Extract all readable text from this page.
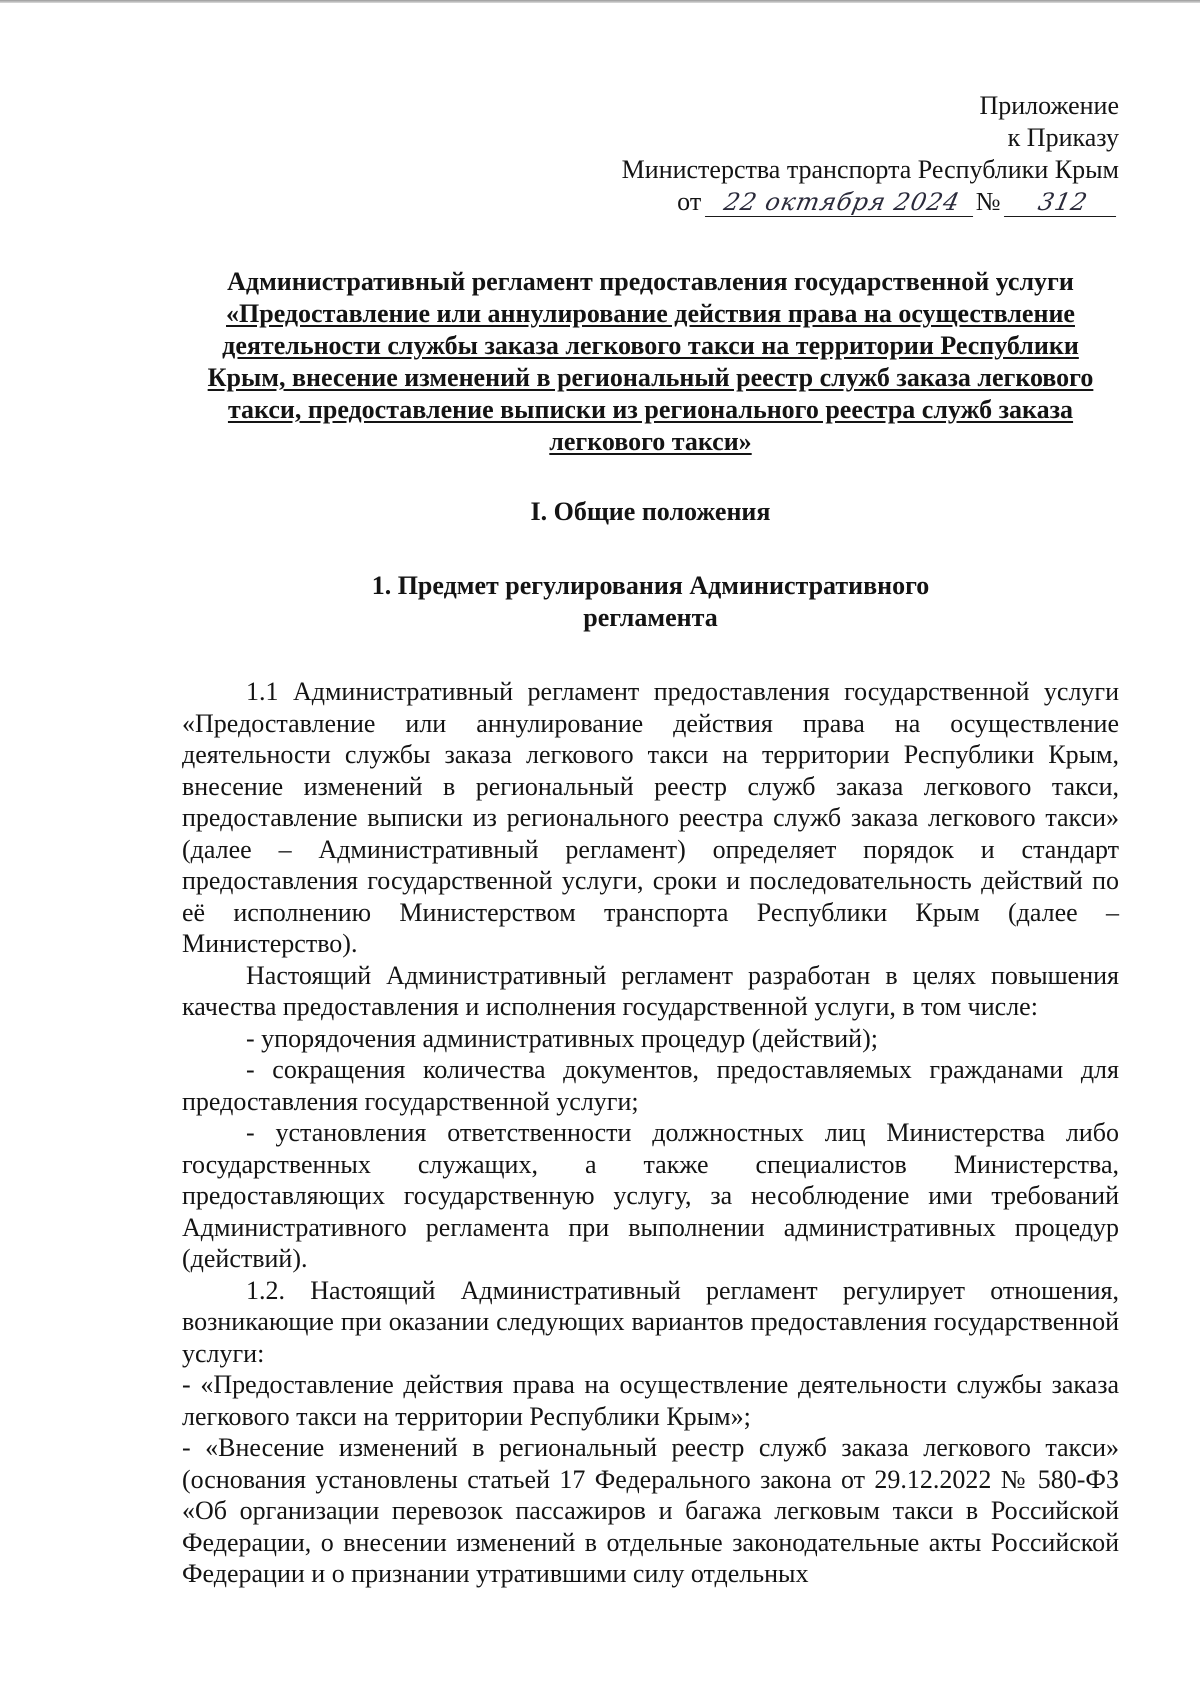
Приложение
к Приказу
Министерства транспорта Республики Крым
от 22 октября 2024 № 312
Административный регламент предоставления государственной услуги
«Предоставление или аннулирование действия права на осуществление деятельности службы заказа легкового такси на территории Республики Крым, внесение изменений в региональный реестр служб заказа легкового такси, предоставление выписки из регионального реестра служб заказа легкового такси»
I. Общие положения
1. Предмет регулирования Административного
регламента

1.1 Административный регламент предоставления государственной услуги «Предоставление или аннулирование действия права на осуществление деятельности службы заказа легкового такси на территории Республики Крым, внесение изменений в региональный реестр служб заказа легкового такси, предоставление выписки из регионального реестра служб заказа легкового такси» (далее – Административный регламент) определяет порядок и стандарт предоставления государственной услуги, сроки и последовательность действий по её исполнению Министерством транспорта Республики Крым (далее – Министерство).

Настоящий Административный регламент разработан в целях повышения качества предоставления и исполнения государственной услуги, в том числе:

- упорядочения административных процедур (действий);

- сокращения количества документов, предоставляемых гражданами для предоставления государственной услуги;

- установления ответственности должностных лиц Министерства либо государственных служащих, а также специалистов Министерства, предоставляющих государственную услугу, за несоблюдение ими требований Административного регламента при выполнении административных процедур (действий).

1.2. Настоящий Административный регламент регулирует отношения, возникающие при оказании следующих вариантов предоставления государственной услуги:

- «Предоставление действия права на осуществление деятельности службы заказа легкового такси на территории Республики Крым»;

- «Внесение изменений в региональный реестр служб заказа легкового такси» (основания установлены статьей 17 Федерального закона от 29.12.2022 № 580-ФЗ «Об организации перевозок пассажиров и багажа легковым такси в Российской Федерации, о внесении изменений в отдельные законодательные акты Российской Федерации и о признании утратившими силу отдельных
